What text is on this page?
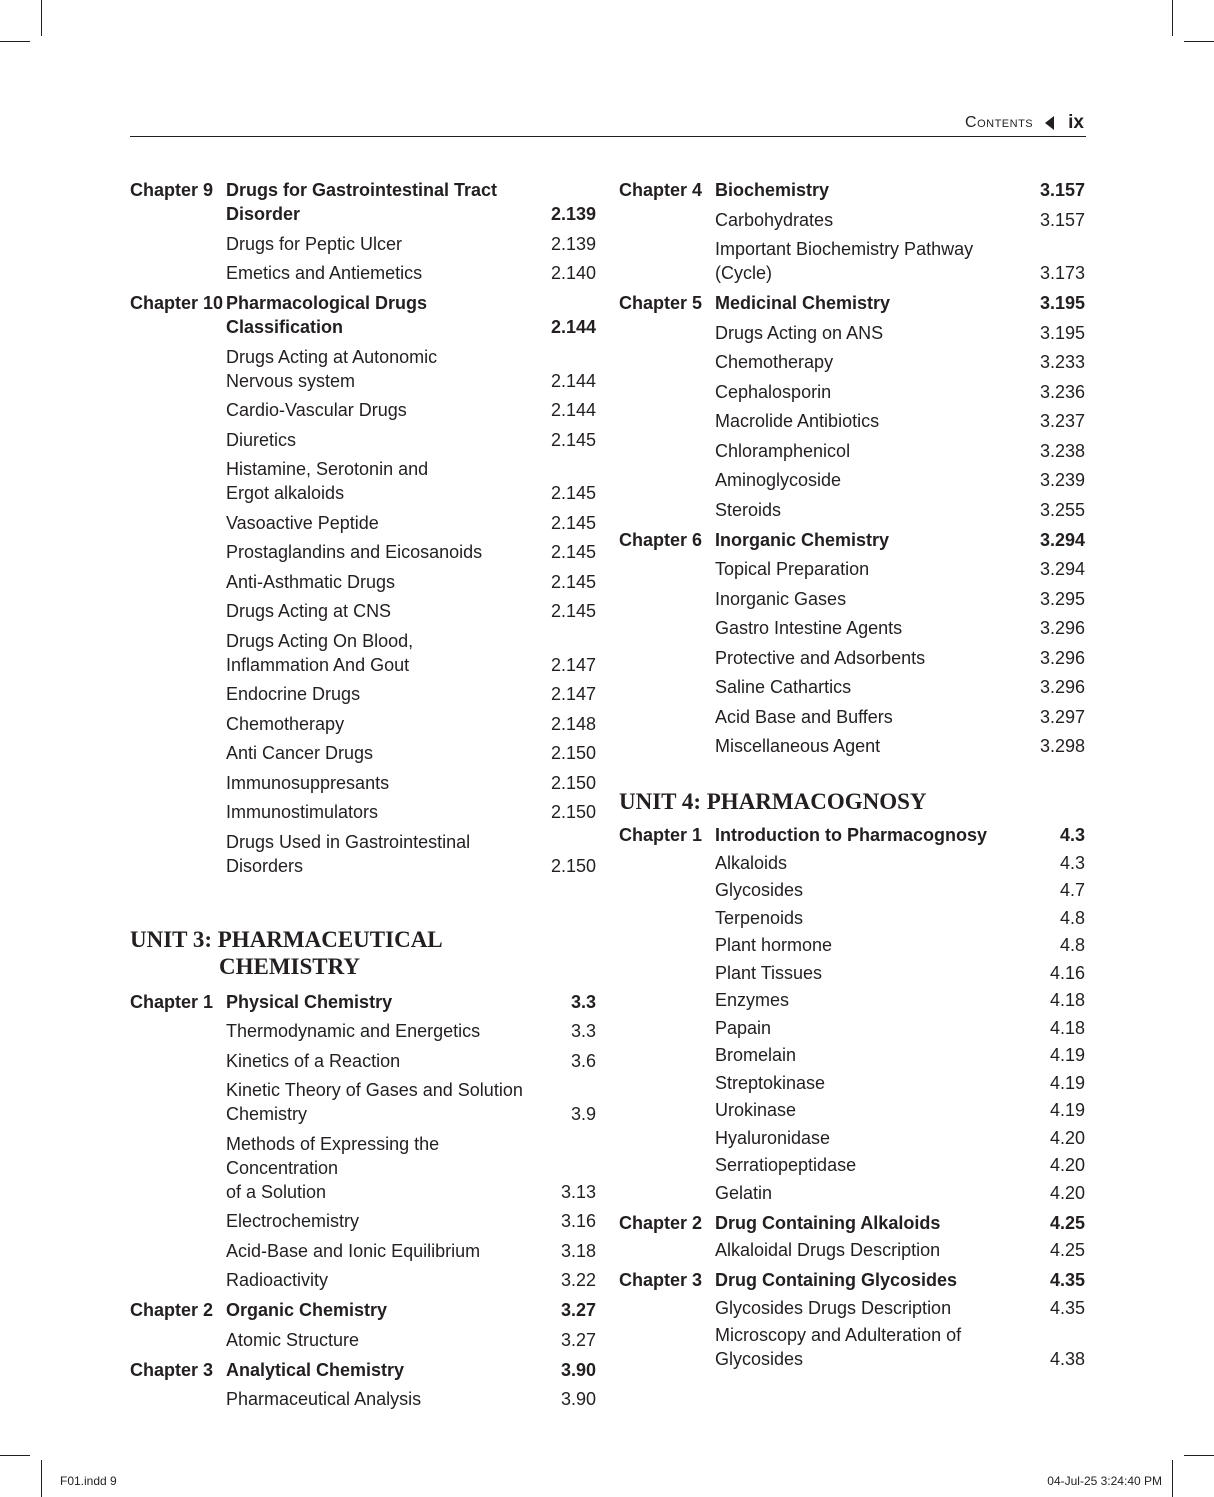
Contents ix
Chapter 9 Drugs for Gastrointestinal Tract
Disorder	2.139
Drugs for Peptic Ulcer	2.139
Emetics and Antiemetics	2.140
Chapter 10 Pharmacological Drugs
Classification	2.144
Drugs Acting at Autonomic
Nervous system	2.144
Cardio-Vascular Drugs	2.144
Diuretics	2.145
Histamine, Serotonin and
Ergot alkaloids	2.145
Vasoactive Peptide	2.145
Prostaglandins and Eicosanoids	2.145
Anti-Asthmatic Drugs	2.145
Drugs Acting at CNS	2.145
Drugs Acting On Blood,
Inflammation And Gout	2.147
Endocrine Drugs	2.147
Chemotherapy	2.148
Anti Cancer Drugs	2.150
Immunosuppresants	2.150
Immunostimulators	2.150
Drugs Used in Gastrointestinal
Disorders	2.150
UNIT 3: PHARMACEUTICAL
CHEMISTRY
Chapter 1 Physical Chemistry	3.3
Thermodynamic and Energetics	3.3
Kinetics of a Reaction	3.6
Kinetic Theory of Gases and Solution
Chemistry	3.9
Methods of Expressing the Concentration
of a Solution	3.13
Electrochemistry	3.16
Acid-Base and Ionic Equilibrium	3.18
Radioactivity	3.22
Chapter 2 Organic Chemistry	3.27
Atomic Structure	3.27
Chapter 3 Analytical Chemistry	3.90
Pharmaceutical Analysis	3.90
Chapter 4 Biochemistry	3.157
Carbohydrates	3.157
Important Biochemistry Pathway
(Cycle)	3.173
Chapter 5 Medicinal Chemistry	3.195
Drugs Acting on ANS	3.195
Chemotherapy	3.233
Cephalosporin	3.236
Macrolide Antibiotics	3.237
Chloramphenicol	3.238
Aminoglycoside	3.239
Steroids	3.255
Chapter 6 Inorganic Chemistry	3.294
Topical Preparation	3.294
Inorganic Gases	3.295
Gastro Intestine Agents	3.296
Protective and Adsorbents	3.296
Saline Cathartics	3.296
Acid Base and Buffers	3.297
Miscellaneous Agent	3.298
UNIT 4: PHARMACOGNOSY
Chapter 1 Introduction to Pharmacognosy	4.3
Alkaloids	4.3
Glycosides	4.7
Terpenoids	4.8
Plant hormone	4.8
Plant Tissues	4.16
Enzymes	4.18
Papain	4.18
Bromelain	4.19
Streptokinase	4.19
Urokinase	4.19
Hyaluronidase	4.20
Serratiopeptidase	4.20
Gelatin	4.20
Chapter 2 Drug Containing Alkaloids	4.25
Alkaloidal Drugs Description	4.25
Chapter 3 Drug Containing Glycosides	4.35
Glycosides Drugs Description	4.35
Microscopy and Adulteration of
Glycosides	4.38
F01.indd 9	04-Jul-25 3:24:40 PM
